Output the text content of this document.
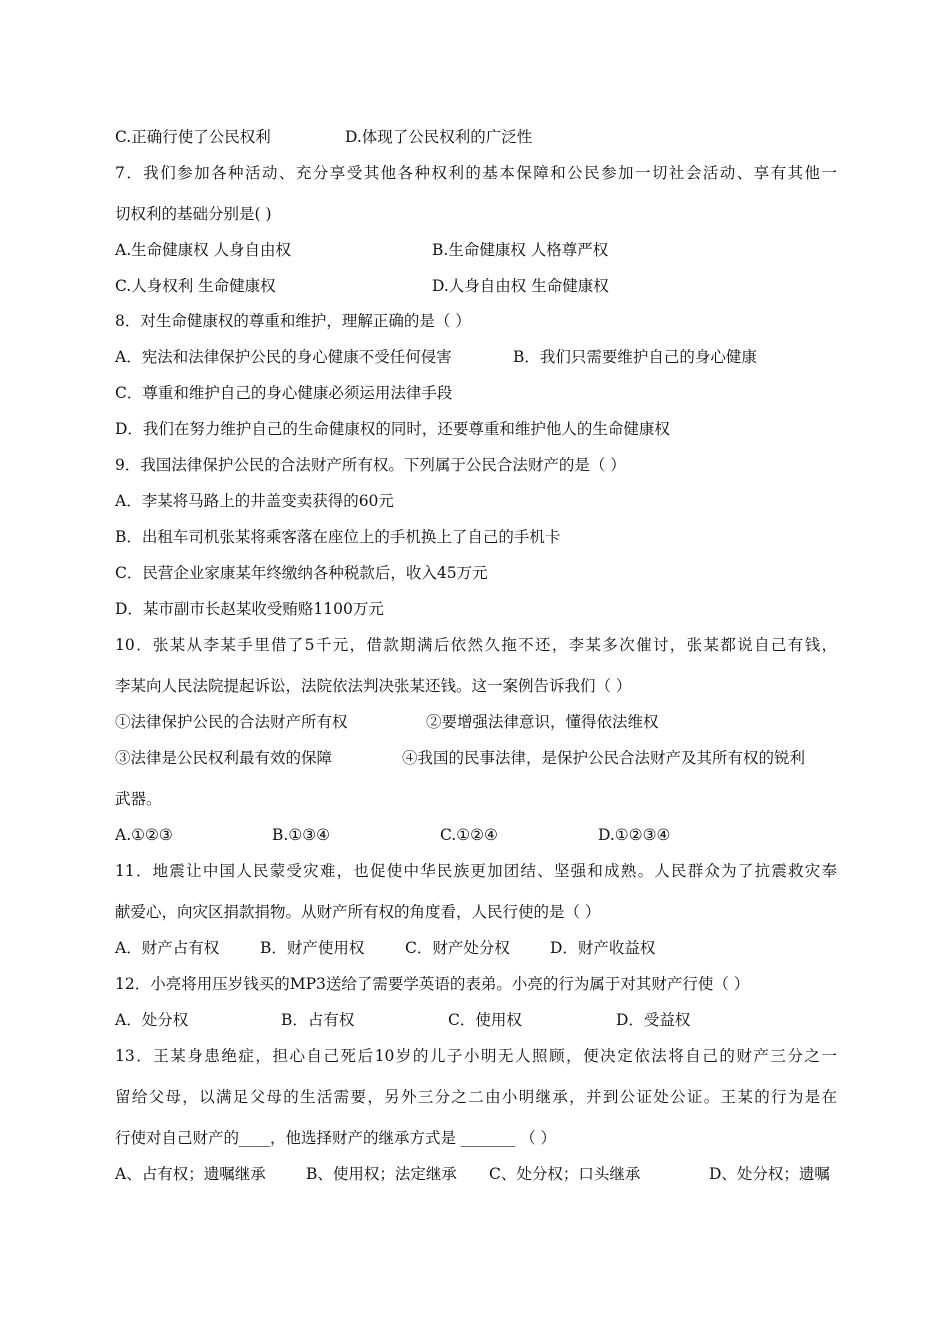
C.正确行使了公民权利	D.体现了公民权利的广泛性
7．我们参加各种活动、充分享受其他各种权利的基本保障和公民参加一切社会活动、享有其他一
切权利的基础分别是( )
A.生命健康权 人身自由权	B.生命健康权 人格尊严权
C.人身权利 生命健康权	D.人身自由权 生命健康权
8．对生命健康权的尊重和维护，理解正确的是（ ）
A．宪法和法律保护公民的身心健康不受任何侵害	B．我们只需要维护自己的身心健康
C．尊重和维护自己的身心健康必须运用法律手段
D．我们在努力维护自己的生命健康权的同时，还要尊重和维护他人的生命健康权
9．我国法律保护公民的合法财产所有权。下列属于公民合法财产的是（ ）
A．李某将马路上的井盖变卖获得的60元
B．出租车司机张某将乘客落在座位上的手机换上了自己的手机卡
C．民营企业家康某年终缴纳各种税款后，收入45万元
D．某市副市长赵某收受贿赂1100万元
10．张某从李某手里借了5千元，借款期满后依然久拖不还，李某多次催讨，张某都说自己有钱，
李某向人民法院提起诉讼，法院依法判决张某还钱。这一案例告诉我们（ ）
①法律保护公民的合法财产所有权	②要增强法律意识，懂得依法维权
③法律是公民权利最有效的保障	④我国的民事法律，是保护公民合法财产及其所有权的锐利
武器。
A.①②③	B.①③④	C.①②④	D.①②③④
11．地震让中国人民蒙受灾难，也促使中华民族更加团结、坚强和成熟。人民群众为了抗震救灾奉
献爱心，向灾区捐款捐物。从财产所有权的角度看，人民行使的是（ ）
A．财产占有权	B．财产使用权	C．财产处分权	D．财产收益权
12．小亮将用压岁钱买的MP3送给了需要学英语的表弟。小亮的行为属于对其财产行使（ ）
A．处分权	B．占有权	C．使用权	D．受益权
13．王某身患绝症，担心自己死后10岁的儿子小明无人照顾，便决定依法将自己的财产三分之一
留给父母，以满足父母的生活需要，另外三分之二由小明继承，并到公证处公证。王某的行为是在
行使对自己财产的____，他选择财产的继承方式是 _______ （ ）
A、占有权；遗嘱继承	B、使用权；法定继承 C、处分权；口头继承	D、处分权；遗嘱
